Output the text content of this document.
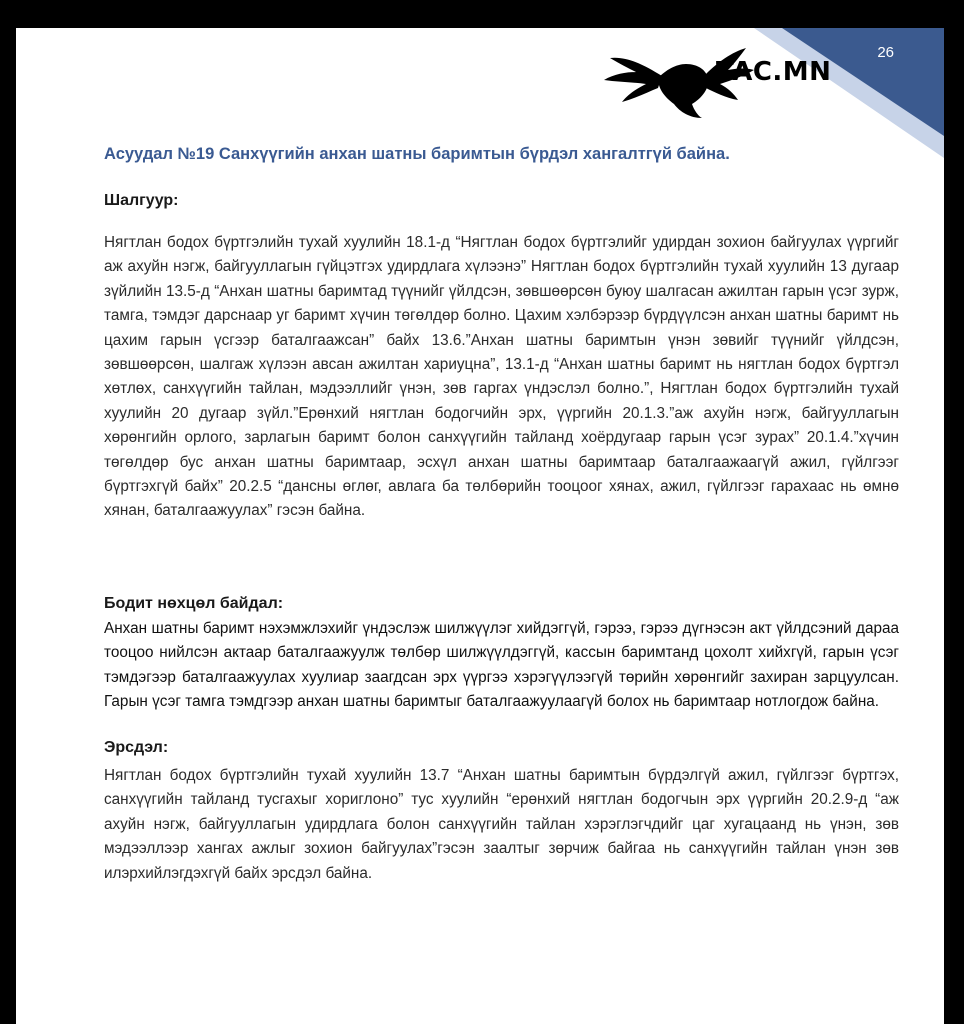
26
TAC.MN
Асуудал №19 Санхүүгийн анхан шатны баримтын бүрдэл хангалтгүй байна.
Шалгуур:

Нягтлан бодох бүртгэлийн тухай хуулийн 18.1-д “Нягтлан бодох бүртгэлийг удирдан зохион байгуулах үүргийг аж ахуйн нэгж, байгууллагын гүйцэтгэх удирдлага хүлээнэ” Нягтлан бодох бүртгэлийн тухай хуулийн 13 дугаар зүйлийн 13.5-д “Анхан шатны баримтад түүнийг үйлдсэн, зөвшөөрсөн буюу шалгасан ажилтан гарын үсэг зурж, тамга, тэмдэг дарснаар уг баримт хүчин төгөлдөр болно. Цахим хэлбэрээр бүрдүүлсэн анхан шатны баримт нь цахим гарын үсгээр баталгаажсан” байх 13.6.”Анхан шатны баримтын үнэн зөвийг түүнийг үйлдсэн, зөвшөөрсөн, шалгаж хүлээн авсан ажилтан хариуцна”, 13.1-д “Анхан шатны баримт нь нягтлан бодох бүртгэл хөтлөх, санхүүгийн тайлан, мэдээллийг үнэн, зөв гаргах үндэслэл болно.”, Нягтлан бодох бүртгэлийн тухай хуулийн 20 дугаар зүйл.”Ерөнхий нягтлан бодогчийн эрх, үүргийн 20.1.3.”аж ахуйн нэгж, байгууллагын хөрөнгийн орлого, зарлагын баримт болон санхүүгийн тайланд хоёрдугаар гарын үсэг зурах” 20.1.4.”хүчин төгөлдөр бус анхан шатны баримтаар, эсхүл анхан шатны баримтаар баталгаажаагүй ажил, гүйлгээг бүртгэхгүй байх” 20.2.5 “дансны өглөг, авлага ба төлбөрийн тооцоог хянах, ажил, гүйлгээг гарахаас нь өмнө хянан, баталгаажуулах” гэсэн байна.

Бодит нөхцөл байдал:

Анхан шатны баримт нэхэмжлэхийг үндэслэж шилжүүлэг хийдэггүй, гэрээ, гэрээ дүгнэсэн акт үйлдсэний дараа тооцоо нийлсэн актаар баталгаажуулж төлбөр шилжүүлдэггүй, кассын баримтанд цохолт хийхгүй, гарын үсэг тэмдэгээр баталгаажуулах хуулиар заагдсан эрх үүргээ хэрэгүүлээгүй төрийн хөрөнгийг захиран зарцуулсан. Гарын үсэг тамга тэмдгээр анхан шатны баримтыг баталгаажуулаагүй болох нь баримтаар нотлогдож байна.

Эрсдэл:

Нягтлан бодох бүртгэлийн тухай хуулийн 13.7 “Анхан шатны баримтын бүрдэлгүй ажил, гүйлгээг бүртгэх, санхүүгийн тайланд тусгахыг хориглоно” тус хуулийн “ерөнхий нягтлан бодогчын эрх үүргийн 20.2.9-д “аж ахуйн нэгж, байгууллагын удирдлага болон санхүүгийн тайлан хэрэглэгчдийг цаг хугацаанд нь үнэн, зөв мэдээллээр хангах ажлыг зохион байгуулах”гэсэн заалтыг зөрчиж байгаа нь санхүүгийн тайлан үнэн зөв илэрхийлэгдэхгүй байх эрсдэл байна.
